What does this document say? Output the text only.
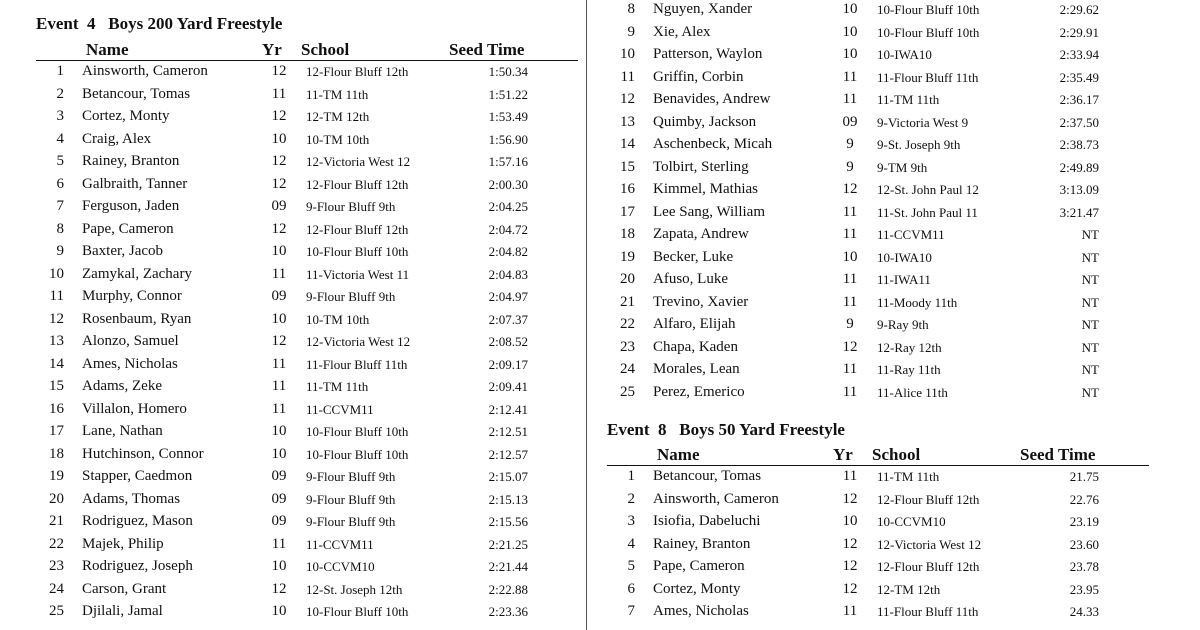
Event  4   Boys 200 Yard Freestyle
Name	Yr School	Seed Time
1 Ainsworth, Cameron	12	12-Flour Bluff 12th	1:50.34
2 Betancour, Tomas	11	11-TM 11th	1:51.22
3 Cortez, Monty	12	12-TM 12th	1:53.49
4 Craig, Alex	10	10-TM 10th	1:56.90
5 Rainey, Branton	12	12-Victoria West 12	1:57.16
6 Galbraith, Tanner	12	12-Flour Bluff 12th	2:00.30
7 Ferguson, Jaden	09	9-Flour Bluff 9th	2:04.25
8 Pape, Cameron	12	12-Flour Bluff 12th	2:04.72
9 Baxter, Jacob	10	10-Flour Bluff 10th	2:04.82
10 Zamykal, Zachary	11	11-Victoria West 11	2:04.83
11 Murphy, Connor	09	9-Flour Bluff 9th	2:04.97
12 Rosenbaum, Ryan	10	10-TM 10th	2:07.37
13 Alonzo, Samuel	12	12-Victoria West 12	2:08.52
14 Ames, Nicholas	11	11-Flour Bluff 11th	2:09.17
15 Adams, Zeke	11	11-TM 11th	2:09.41
16 Villalon, Homero	11	11-CCVM11	2:12.41
17 Lane, Nathan	10	10-Flour Bluff 10th	2:12.51
18 Hutchinson, Connor	10	10-Flour Bluff 10th	2:12.57
19 Stapper, Caedmon	09	9-Flour Bluff 9th	2:15.07
20 Adams, Thomas	09	9-Flour Bluff 9th	2:15.13
21 Rodriguez, Mason	09	9-Flour Bluff 9th	2:15.56
22 Majek, Philip	11	11-CCVM11	2:21.25
23 Rodriguez, Joseph	10	10-CCVM10	2:21.44
24 Carson, Grant	12	12-St. Joseph 12th	2:22.88
25 Djilali, Jamal	10	10-Flour Bluff 10th	2:23.36
8 Nguyen, Xander	10	10-Flour Bluff 10th	2:29.62
9 Xie, Alex	10	10-Flour Bluff 10th	2:29.91
10 Patterson, Waylon	10	10-IWA10	2:33.94
11 Griffin, Corbin	11	11-Flour Bluff 11th	2:35.49
12 Benavides, Andrew	11	11-TM 11th	2:36.17
13 Quimby, Jackson	09	9-Victoria West 9	2:37.50
14 Aschenbeck, Micah	9	9-St. Joseph 9th	2:38.73
15 Tolbirt, Sterling	9	9-TM 9th	2:49.89
16 Kimmel, Mathias	12	12-St. John Paul 12	3:13.09
17 Lee Sang, William	11	11-St. John Paul 11	3:21.47
18 Zapata, Andrew	11	11-CCVM11	NT
19 Becker, Luke	10	10-IWA10	NT
20 Afuso, Luke	11	11-IWA11	NT
21 Trevino, Xavier	11	11-Moody 11th	NT
22 Alfaro, Elijah	9	9-Ray 9th	NT
23 Chapa, Kaden	12	12-Ray 12th	NT
24 Morales, Lean	11	11-Ray 11th	NT
25 Perez, Emerico	11	11-Alice 11th	NT
Event  8   Boys 50 Yard Freestyle
Name	Yr School	Seed Time
1 Betancour, Tomas	11	11-TM 11th	21.75
2 Ainsworth, Cameron	12	12-Flour Bluff 12th	22.76
3 Isiofia, Dabeluchi	10	10-CCVM10	23.19
4 Rainey, Branton	12	12-Victoria West 12	23.60
5 Pape, Cameron	12	12-Flour Bluff 12th	23.78
6 Cortez, Monty	12	12-TM 12th	23.95
7 Ames, Nicholas	11	11-Flour Bluff 11th	24.33
